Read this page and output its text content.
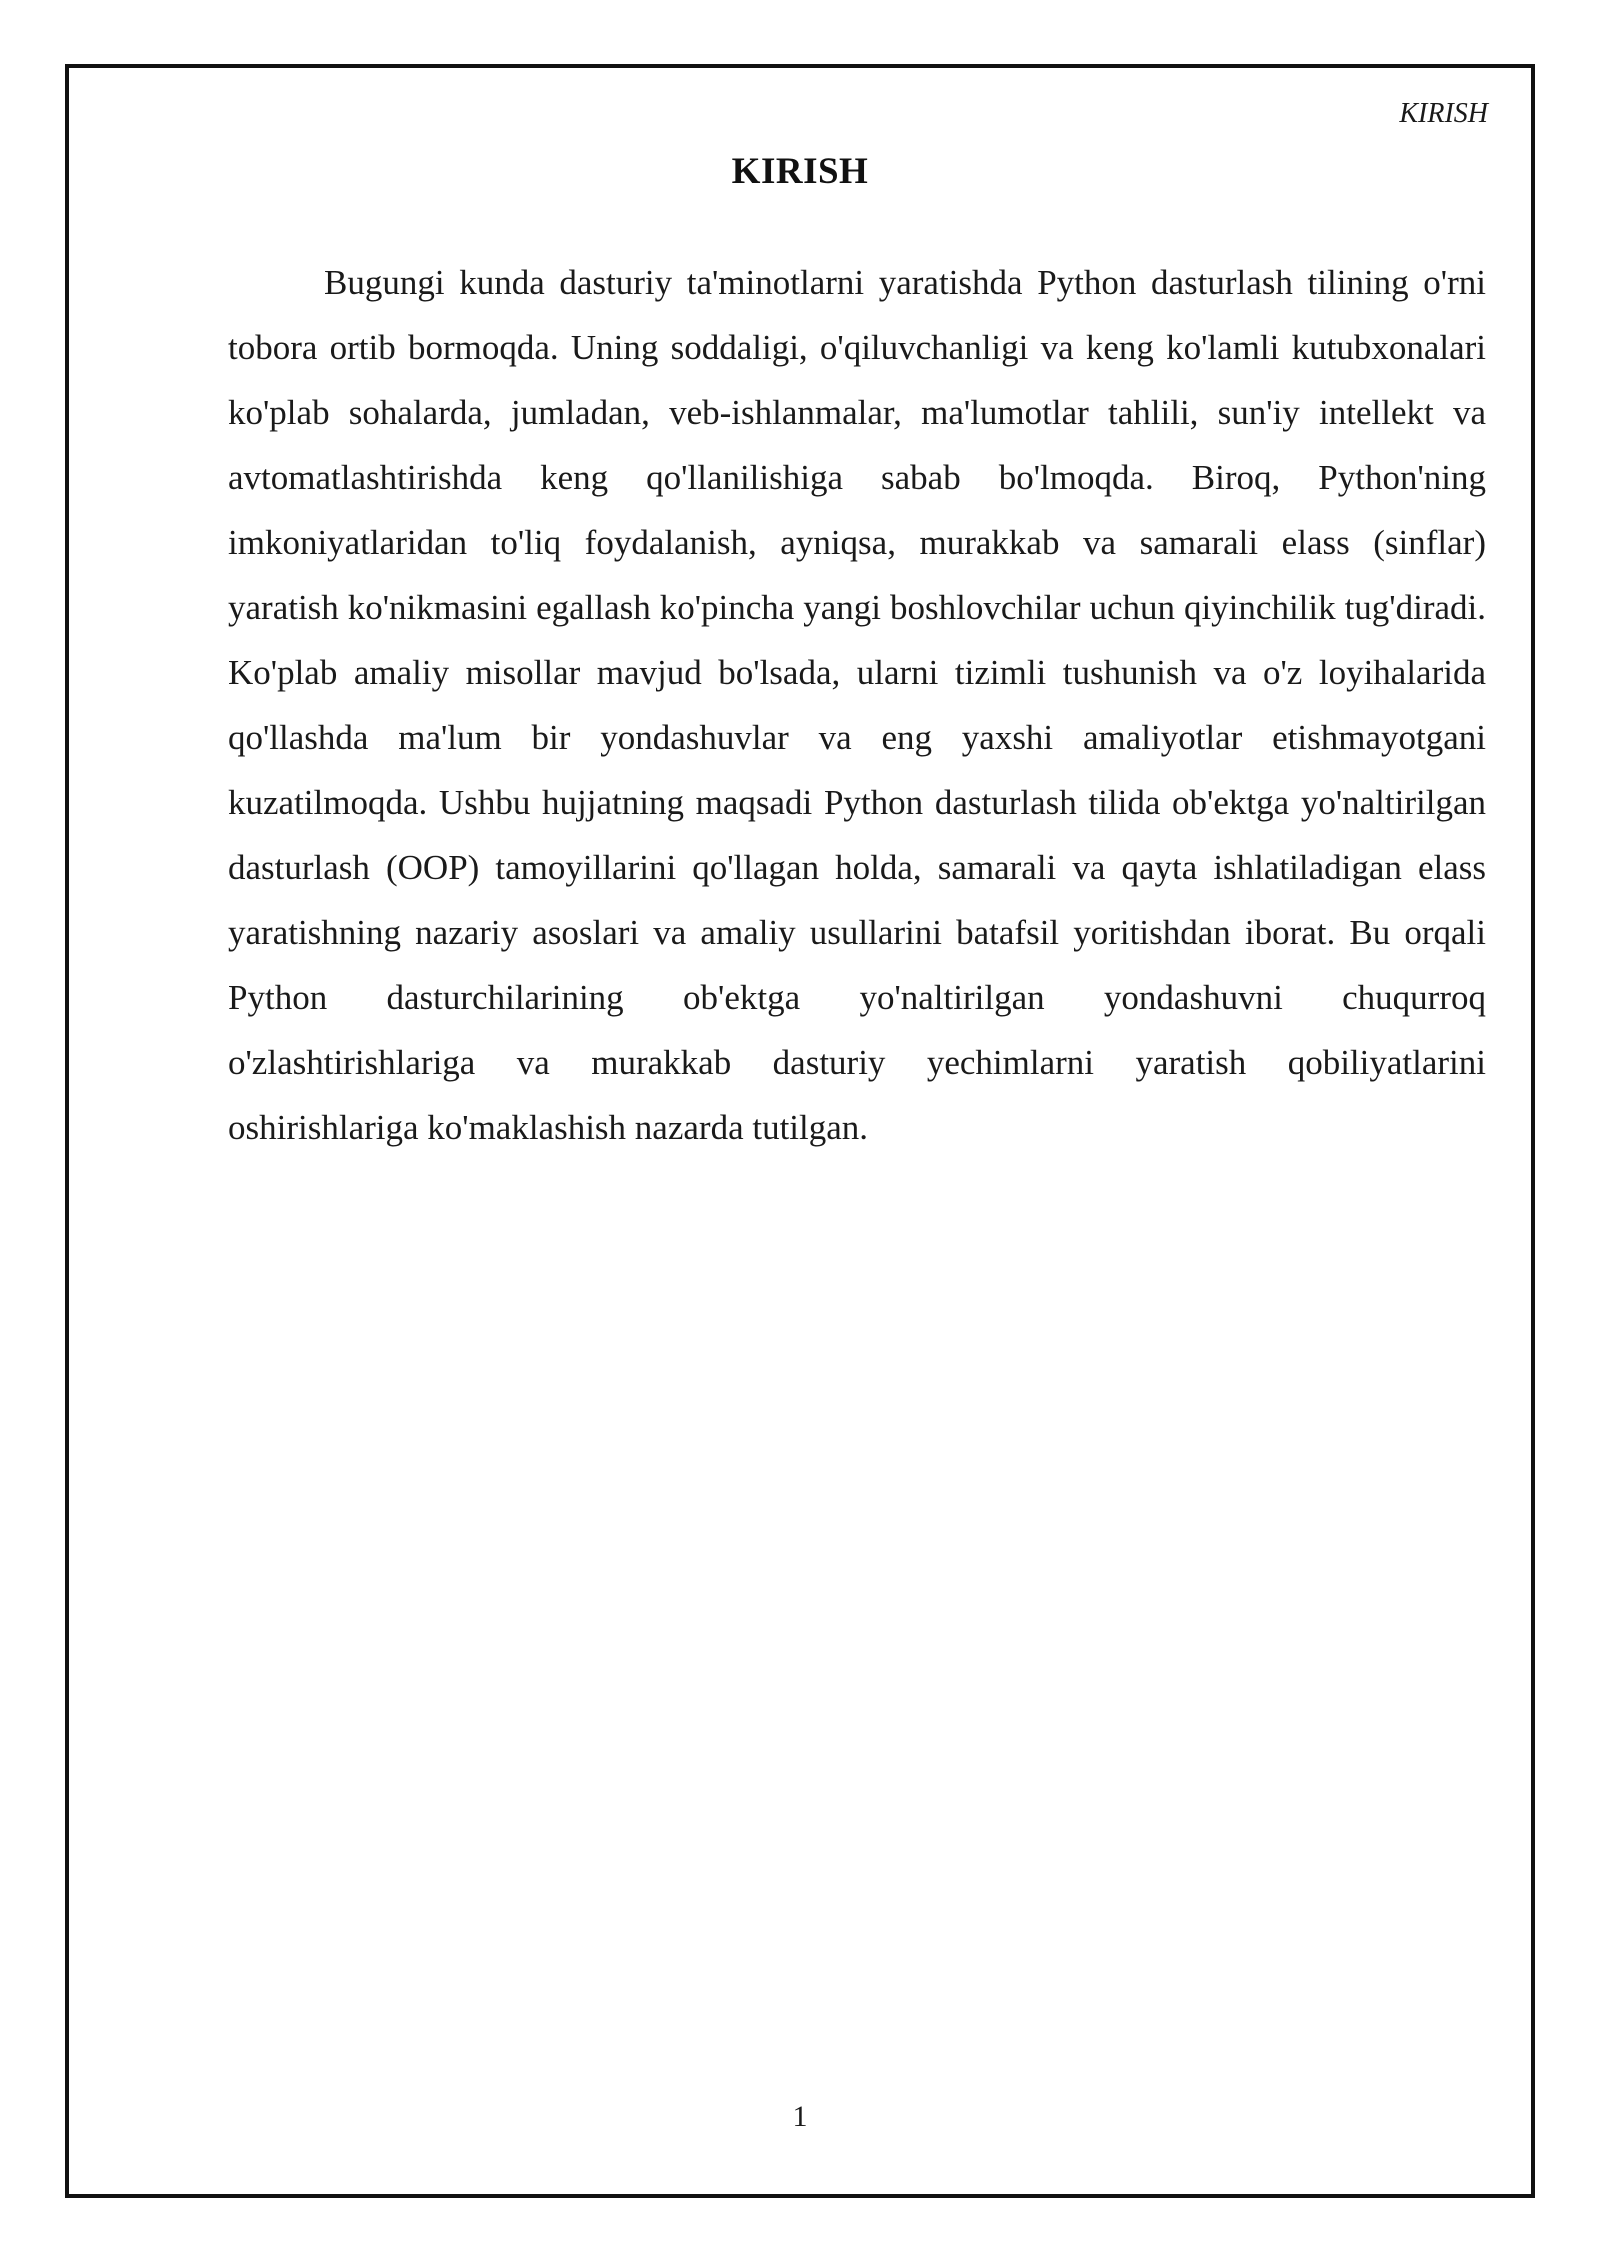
KIRISH
KIRISH

Bugungi kunda dasturiy ta'minotlarni yaratishda Python dasturlash tilining o'rni tobora ortib bormoqda. Uning soddaligi, o'qiluvchanligi va keng ko'lamli kutubxonalari ko'plab sohalarda, jumladan, veb-ishlanmalar, ma'lumotlar tahlili, sun'iy intellekt va avtomatlashtirishda keng qo'llanilishiga sabab bo'lmoqda. Biroq, Python'ning imkoniyatlaridan to'liq foydalanish, ayniqsa, murakkab va samarali elass (sinflar) yaratish ko'nikmasini egallash ko'pincha yangi boshlovchilar uchun qiyinchilik tug'diradi. Ko'plab amaliy misollar mavjud bo'lsada, ularni tizimli tushunish va o'z loyihalarida qo'llashda ma'lum bir yondashuvlar va eng yaxshi amaliyotlar etishmayotgani kuzatilmoqda. Ushbu hujjatning maqsadi Python dasturlash tilida ob'ektga yo'naltirilgan dasturlash (OOP) tamoyillarini qo'llagan holda, samarali va qayta ishlatiladigan elass yaratishning nazariy asoslari va amaliy usullarini batafsil yoritishdan iborat. Bu orqali Python dasturchilarining ob'ektga yo'naltirilgan yondashuvni chuqurroq o'zlashtirishlariga va murakkab dasturiy yechimlarni yaratish qobiliyatlarini oshirishlariga ko'maklashish nazarda tutilgan.

1
